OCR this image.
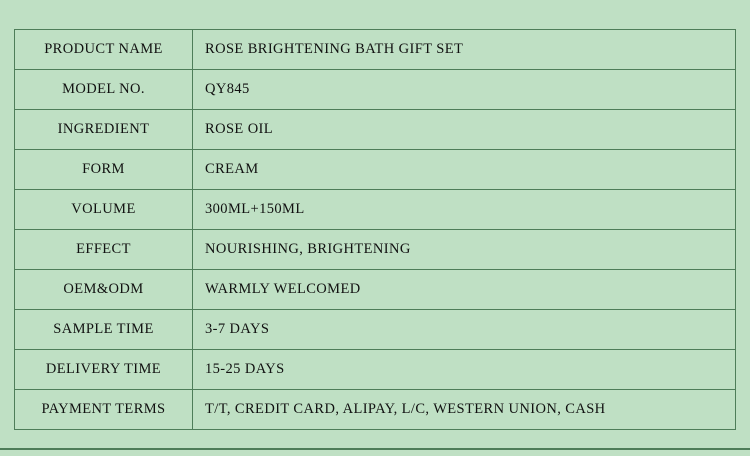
PRODUCT NAME	ROSE BRIGHTENING BATH GIFT SET
MODEL NO.	QY845
INGREDIENT	ROSE OIL
FORM	CREAM
VOLUME	300ML+150ML
EFFECT	NOURISHING, BRIGHTENING
OEM&ODM	WARMLY WELCOMED
SAMPLE TIME	3-7 DAYS
DELIVERY TIME	15-25 DAYS
PAYMENT TERMS	T/T, CREDIT CARD, ALIPAY, L/C, WESTERN UNION, CASH
